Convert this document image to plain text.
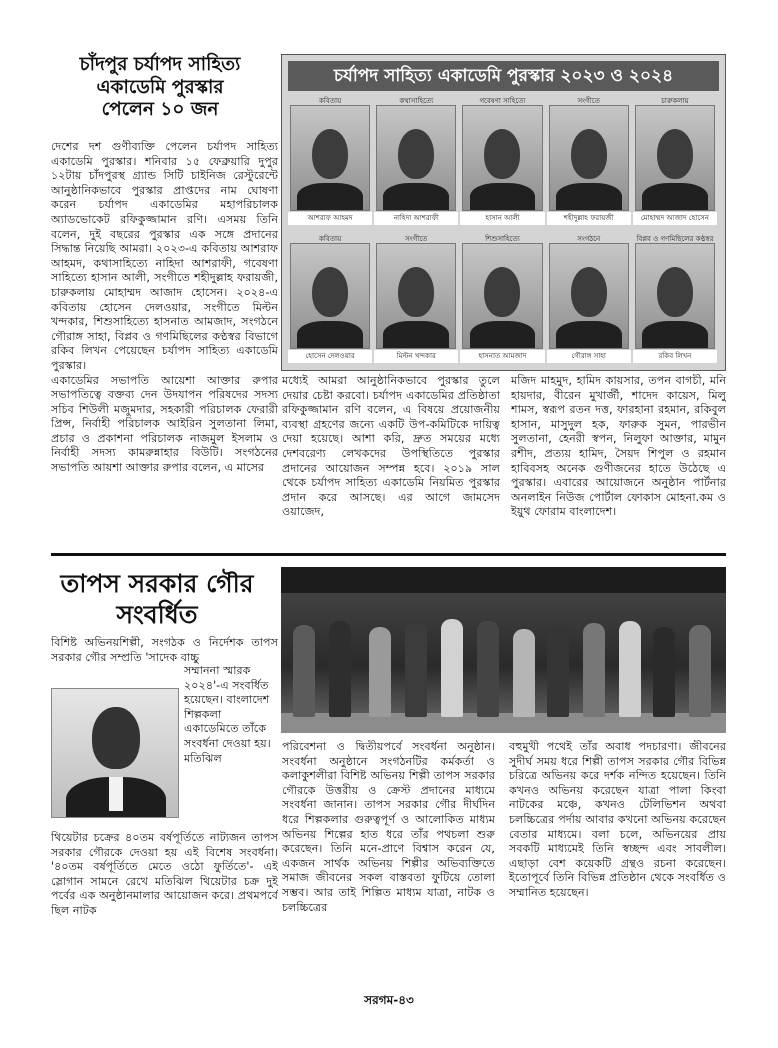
চাঁদপুর চর্যাপদ সাহিত্য
একাডেমি পুরস্কার
পেলেন ১০ জন

দেশের দশ গুণীব্যক্তি পেলেন চর্যাপদ সাহিত্য একাডেমি পুরস্কার। শনিবার ১৫ ফেব্রুয়ারি দুপুর ১২টায় চাঁদপুরস্থ গ্র্যান্ড সিটি চাইনিজ রেস্টুরেন্টে আনুষ্ঠানিকভাবে পুরস্কার প্রাপ্তদের নাম ঘোষণা করেন চর্যাপদ একাডেমির মহাপরিচালক অ্যাডভোকেট রফিকুজ্জামান রণি। এসময় তিনি বলেন, দুই বছরের পুরস্কার এক সঙ্গে প্রদানের সিদ্ধান্ত নিয়েছি আমরা। ২০২৩-এ কবিতায় আশরাফ আহমদ, কথাসাহিত্যে নাহিদা আশরাফী, গবেষণা সাহিত্যে হাসান আলী, সংগীতে শহীদুল্লাহ ফরায়জী, চারুকলায় মোহাম্মদ আজাদ হোসেন। ২০২৪-এ কবিতায় হোসেন দেলওয়ার, সংগীতে মিল্টন খন্দকার, শিশুসাহিত্যে হাসনাত আমজাদ, সংগঠনে গৌরাঙ্গ সাহা, বিপ্লব ও গণমিছিলের কণ্ঠস্বর বিভাগে রকিব লিখন পেয়েছেন চর্যাপদ সাহিত্য একাডেমি পুরস্কার।

একাডেমির সভাপতি আয়েশা আক্তার রুপার সভাপতিত্বে বক্তব্য দেন উদযাপন পরিষদের সদস্য সচিব শিউলী মজুমদার, সহকারী পরিচালক ফেরারী প্রিন্স, নির্বাহী পরিচালক আইরিন সুলতানা লিমা, প্রচার ও প্রকাশনা পরিচালক নাজমুল ইসলাম ও নির্বাহী সদস্য কামরুন্নাহার বিউটি। সংগঠনের সভাপতি আয়শা আক্তার রুপার বলেন, এ মাসের

চর্যাপদ সাহিত্য একাডেমি পুরস্কার ২০২৩ ও ২০২৪
কবিতায়
আশরাফ আহমদ
কথাসাহিত্যে
নাহিদা আশরাফী
গবেষণা সাহিত্যে
হাসান আলী
সংগীতে
শহীদুল্লাহ ফরায়জী
চারুকলায়
মোহাম্মদ আজাদ হোসেন
কবিতায়
হোসেন দেলওয়ার
সংগীতে
মিল্টন খন্দকার
শিশুসাহিত্যে
হাসনাত আমজাদ
সংগঠনে
গৌরাঙ্গ সাহা
বিপ্লব ও গণমিছিলের কণ্ঠস্বর
রকিব লিখন

মধ্যেই আমরা আনুষ্ঠানিকভাবে পুরস্কার তুলে দেয়ার চেষ্টা করবো। চর্যাপদ একাডেমির প্রতিষ্ঠাতা রফিকুজ্জামান রণি বলেন, এ বিষয়ে প্রয়োজনীয় ব্যবস্থা গ্রহণের জন্যে একটি উপ-কমিটিকে দায়িত্ব দেয়া হয়েছে। আশা করি, দ্রুত সময়ের মধ্যে দেশবরেণ্য লেখকদের উপস্থিতিতে পুরস্কার প্রদানের আয়োজন সম্পন্ন হবে। ২০১৯ সাল থেকে চর্যাপদ সাহিত্য একাডেমি নিয়মিত পুরস্কার প্রদান করে আসছে। এর আগে জামসেদ ওয়াজেদ,

মজিদ মাহমুদ, হামিদ কায়সার, তপন বাগচী, মনি হায়দার, বীরেন মুখার্জী, শাদেদ কায়েস, মিলু শামস, স্বরূপ রতন দত্ত, ফারহানা রহমান, রকিবুল হাসান, মাসুদুল হক, ফারুক সুমন, পারভীন সুলতানা, হেনরী স্বপন, নিলুফা আক্তার, মামুন রশীদ, প্রত্যয় হামিদ, সৈয়দ শিপুল ও রহমান হাবিবসহ অনেক গুণীজনের হাতে উঠেছে এ পুরস্কার। এবারের আয়োজনে অনুষ্ঠান পার্টনার অনলাইন নিউজ পোর্টাল ফোকাস মোহনা.কম ও ইয়ুথ ফোরাম বাংলাদেশ।

তাপস সরকার গৌর
সংবর্ধিত

বিশিষ্ট অভিনয়শিল্পী, সংগঠক ও নির্দেশক তাপস সরকার গৌর সম্প্রতি 'সাদেক বাচ্চু

সম্মাননা স্মারক ২০২৪'-এ সংবর্ধিত হয়েছেন। বাংলাদেশ শিল্পকলা একাডেমিতে তাঁকে সংবর্ধনা দেওয়া হয়। মতিঝিল

থিয়েটার চক্রের ৪০তম বর্ষপূর্তিতে নাট্যজন তাপস সরকার গৌরকে দেওয়া হয় এই বিশেষ সংবর্ধনা। '৪০তম বর্ষপূর্তিতে মেতে ওঠো ফুর্তিতে'- এই স্লোগান সামনে রেখে মতিঝিল থিয়েটার চক্র দুই পর্বের এক অনুষ্ঠানমালার আয়োজন করে। প্রথমপর্বে ছিল নাটক

পরিবেশনা ও দ্বিতীয়পর্বে সংবর্ধনা অনুষ্ঠান। সংবর্ধনা অনুষ্ঠানে সংগঠনটির কর্মকর্তা ও কলাকুশলীরা বিশিষ্ট অভিনয় শিল্পী তাপস সরকার গৌরকে উত্তরীয় ও ক্রেস্ট প্রদানের মাধ্যমে সংবর্ধনা জানান। তাপস সরকার গৌর দীর্ঘদিন ধরে শিল্পকলার গুরুত্বপূর্ণ ও আলোকিত মাধ্যম অভিনয় শিল্পের হাত ধরে তাঁর পথচলা শুরু করেছেন। তিনি মনে-প্রাণে বিশ্বাস করেন যে, একজন সার্থক অভিনয় শিল্পীর অভিব্যক্তিতে সমাজ জীবনের সকল বাস্তবতা ফুটিয়ে তোলা সম্ভব। আর তাই শিল্পিত মাধ্যম যাত্রা, নাটক ও চলচ্চিত্রের

বহুমুখী পথেই তাঁর অবাধ পদচারণা। জীবনের সুদীর্ঘ সময় ধরে শিল্পী তাপস সরকার গৌর বিভিন্ন চরিত্রে অভিনয় করে দর্শক নন্দিত হয়েছেন। তিনি কখনও অভিনয় করেছেন যাত্রা পালা কিংবা নাটকের মঞ্চে, কখনও টেলিভিশন অথবা চলচ্চিত্রের পর্দায় আবার কখনো অভিনয় করেছেন বেতার মাধ্যমে। বলা চলে, অভিনয়ের প্রায় সবকটি মাধ্যমেই তিনি স্বচ্ছন্দ এবং সাবলীল। এছাড়া বেশ কয়েকটি গ্রন্থও রচনা করেছেন। ইতোপূর্বে তিনি বিভিন্ন প্রতিষ্ঠান থেকে সংবর্ধিত ও সম্মানিত হয়েছেন।

সরগম-৪৩
